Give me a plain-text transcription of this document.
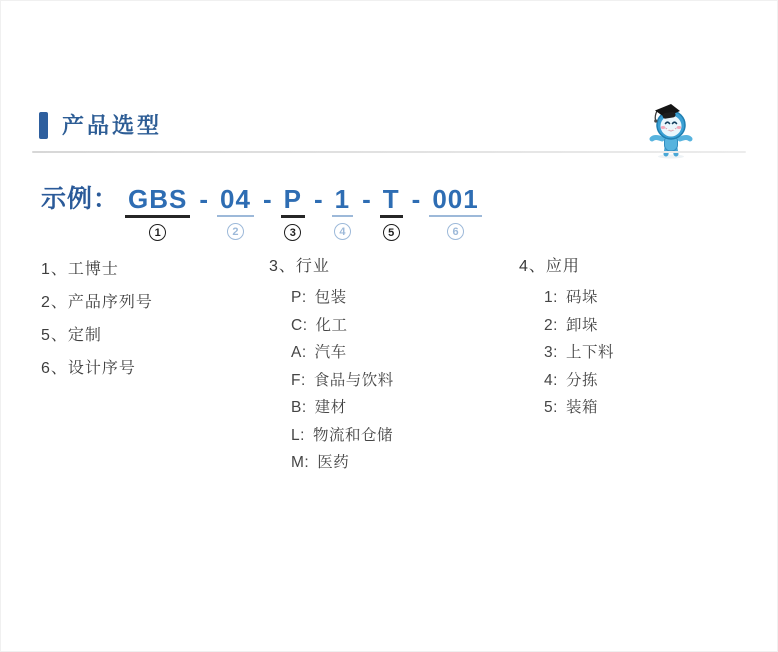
产品选型
示例： GBS
1
- 04
2
- P
3
- 1
4
- T
5
- 001
6
1、工博士
2、产品序列号
5、定制
6、设计序号
3、行业
P: 包装
C: 化工
A: 汽车
F: 食品与饮料
B: 建材
L: 物流和仓储
M: 医药
4、应用
1: 码垛
2: 卸垛
3: 上下料
4: 分拣
5: 装箱
